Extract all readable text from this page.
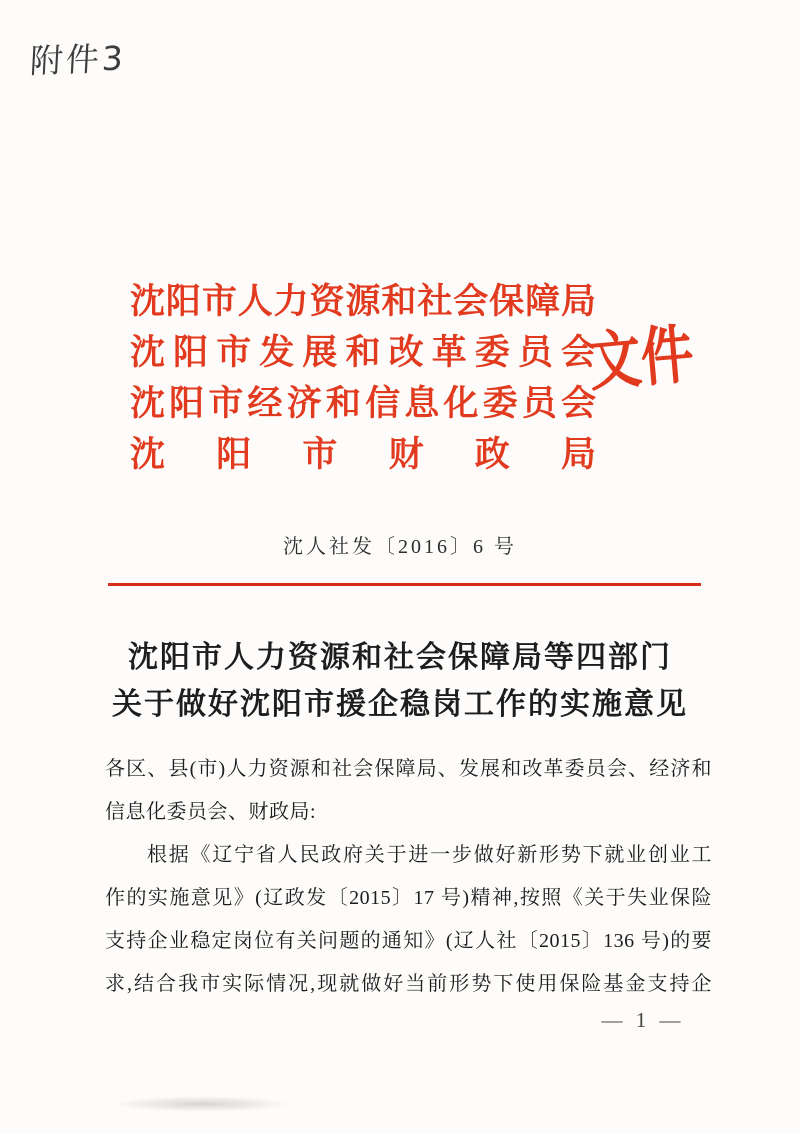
附件3
沈阳市人力资源和社会保障局
沈阳市发展和改革委员会
沈阳市经济和信息化委员会
沈阳市财政局
文件
沈人社发〔2016〕6 号
沈阳市人力资源和社会保障局等四部门
关于做好沈阳市援企稳岗工作的实施意见
各区、县(市)人力资源和社会保障局、发展和改革委员会、经济和
信息化委员会、财政局:
根据《辽宁省人民政府关于进一步做好新形势下就业创业工
作的实施意见》(辽政发〔2015〕17 号)精神,按照《关于失业保险
支持企业稳定岗位有关问题的通知》(辽人社〔2015〕136 号)的要
求,结合我市实际情况,现就做好当前形势下使用保险基金支持企
— 1 —
